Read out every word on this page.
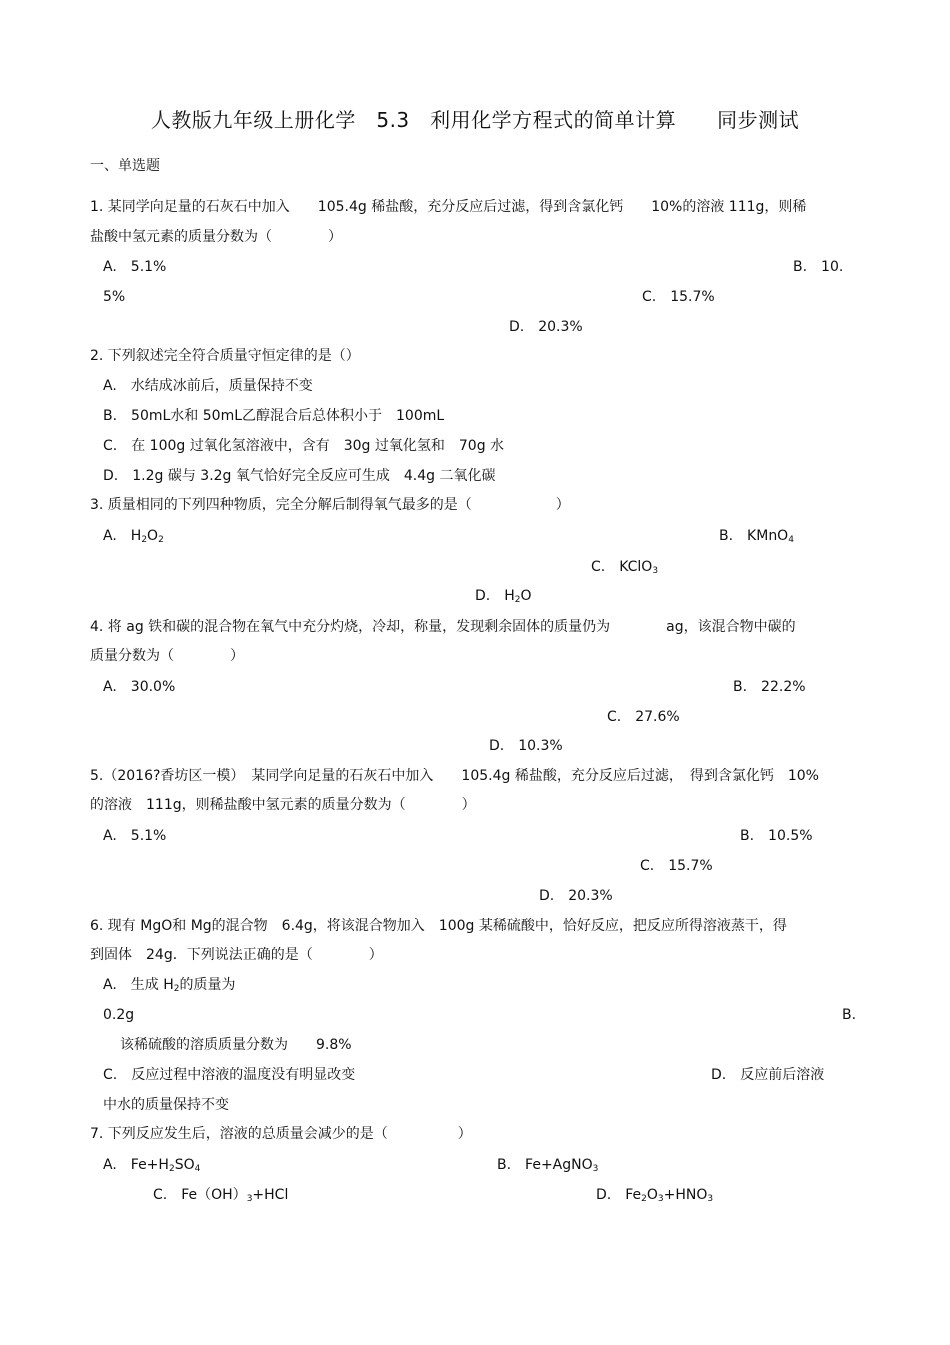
人教版九年级上册化学　5.3　利用化学方程式的简单计算　　同步测试
一、单选题
1. 某同学向足量的石灰石中加入　　105.4g 稀盐酸，充分反应后过滤，得到含氯化钙　　10%的溶液 111g，则稀
盐酸中氢元素的质量分数为（　　　　）
A.　5.1%	B.　10.
5%	C.　15.7%
D.　20.3%
2. 下列叙述完全符合质量守恒定律的是（）
A.　水结成冰前后，质量保持不变
B.　50mL水和 50mL乙醇混合后总体积小于　100mL
C.　在 100g 过氧化氢溶液中，含有　30g 过氧化氢和　70g 水
D.　1.2g 碳与 3.2g 氧气恰好完全反应可生成　4.4g 二氧化碳
3. 质量相同的下列四种物质，完全分解后制得氧气最多的是（　　　　　　）
A.　$H_2O_2$	B.　KMnO$_4$
C.　KClO$_3$
D.　$H_2O$
4. 将 ag 铁和碳的混合物在氧气中充分灼烧，冷却，称量，发现剩余固体的质量仍为　　　　ag，该混合物中碳的
质量分数为（　　　　）
A.　30.0%	B.　22.2%
C.　27.6%
D.　10.3%
5.（2016?香坊区一模）　某同学向足量的石灰石中加入　　105.4g 稀盐酸，充分反应后过滤，　得到含氯化钙　10%
的溶液　111g，则稀盐酸中氢元素的质量分数为（　　　　）
A.　5.1%	B.　10.5%
C.　15.7%
D.　20.3%
6. 现有 MgO和 Mg的混合物　6.4g，将该混合物加入　100g 某稀硫酸中，恰好反应，把反应所得溶液蒸干，得
到固体　24g．下列说法正确的是（　　　　）
A.　生成 $H_2$的质量为
0.2g	B.
该稀硫酸的溶质质量分数为　　9.8%
C.　反应过程中溶液的温度没有明显改变	D.　反应前后溶液
中水的质量保持不变
7. 下列反应发生后，溶液的总质量会减少的是（　　　　　）
A.　$Fe+H_2SO_4$	B.　Fe+AgNO$_3$
C.　$Fe(OH)_3+HCl$	D.　$Fe_2O_3+HNO_3$
